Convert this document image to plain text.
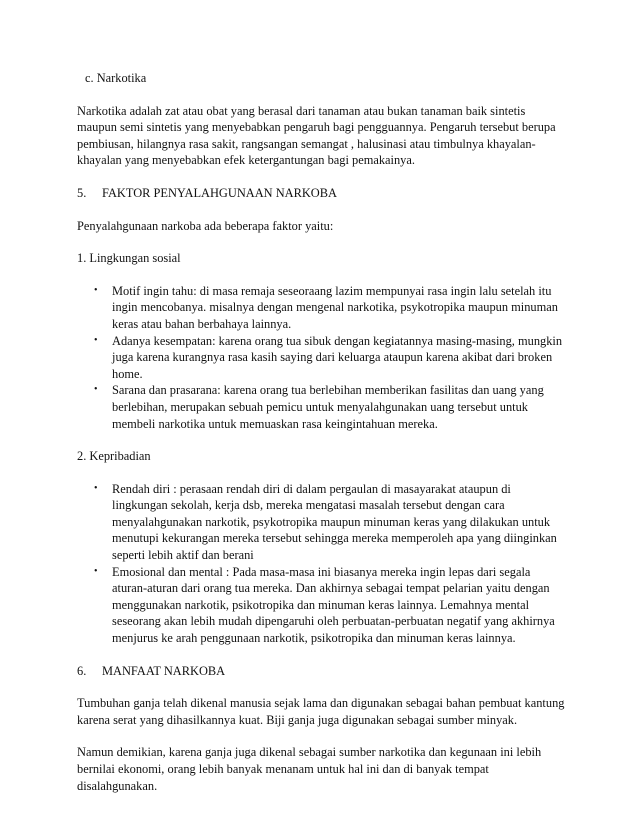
c. Narkotika

Narkotika adalah zat atau obat yang berasal dari tanaman atau bukan tanaman baik sintetis maupun semi sintetis yang menyebabkan pengaruh bagi pengguannya. Pengaruh tersebut berupa pembiusan, hilangnya rasa sakit, rangsangan semangat , halusinasi atau timbulnya khayalan-khayalan yang menyebabkan efek ketergantungan bagi pemakainya.

5. FAKTOR PENYALAHGUNAAN NARKOBA

Penyalahgunaan narkoba ada beberapa faktor yaitu:

1. Lingkungan sosial

• Motif ingin tahu: di masa remaja seseoraang lazim mempunyai rasa ingin lalu setelah itu ingin mencobanya. misalnya dengan mengenal narkotika, psykotropika maupun minuman keras atau bahan berbahaya lainnya.
• Adanya kesempatan: karena orang tua sibuk dengan kegiatannya masing-masing, mungkin juga karena kurangnya rasa kasih saying dari keluarga ataupun karena akibat dari broken home.
• Sarana dan prasarana: karena orang tua berlebihan memberikan fasilitas dan uang yang berlebihan, merupakan sebuah pemicu untuk menyalahgunakan uang tersebut untuk membeli narkotika untuk memuaskan rasa keingintahuan mereka.

2. Kepribadian

• Rendah diri : perasaan rendah diri di dalam pergaulan di masayarakat ataupun di lingkungan sekolah, kerja dsb, mereka mengatasi masalah tersebut dengan cara menyalahgunakan narkotik, psykotropika maupun minuman keras yang dilakukan untuk menutupi kekurangan mereka tersebut sehingga mereka memperoleh apa yang diinginkan seperti lebih aktif dan berani
• Emosional dan mental : Pada masa-masa ini biasanya mereka ingin lepas dari segala aturan-aturan dari orang tua mereka. Dan akhirnya sebagai tempat pelarian yaitu dengan menggunakan narkotik, psikotropika dan minuman keras lainnya. Lemahnya mental seseorang akan lebih mudah dipengaruhi oleh perbuatan-perbuatan negatif yang akhirnya menjurus ke arah penggunaan narkotik, psikotropika dan minuman keras lainnya.

6. MANFAAT NARKOBA

Tumbuhan ganja telah dikenal manusia sejak lama dan digunakan sebagai bahan pembuat kantung karena serat yang dihasilkannya kuat. Biji ganja juga digunakan sebagai sumber minyak.

Namun demikian, karena ganja juga dikenal sebagai sumber narkotika dan kegunaan ini lebih bernilai ekonomi, orang lebih banyak menanam untuk hal ini dan di banyak tempat disalahgunakan.
